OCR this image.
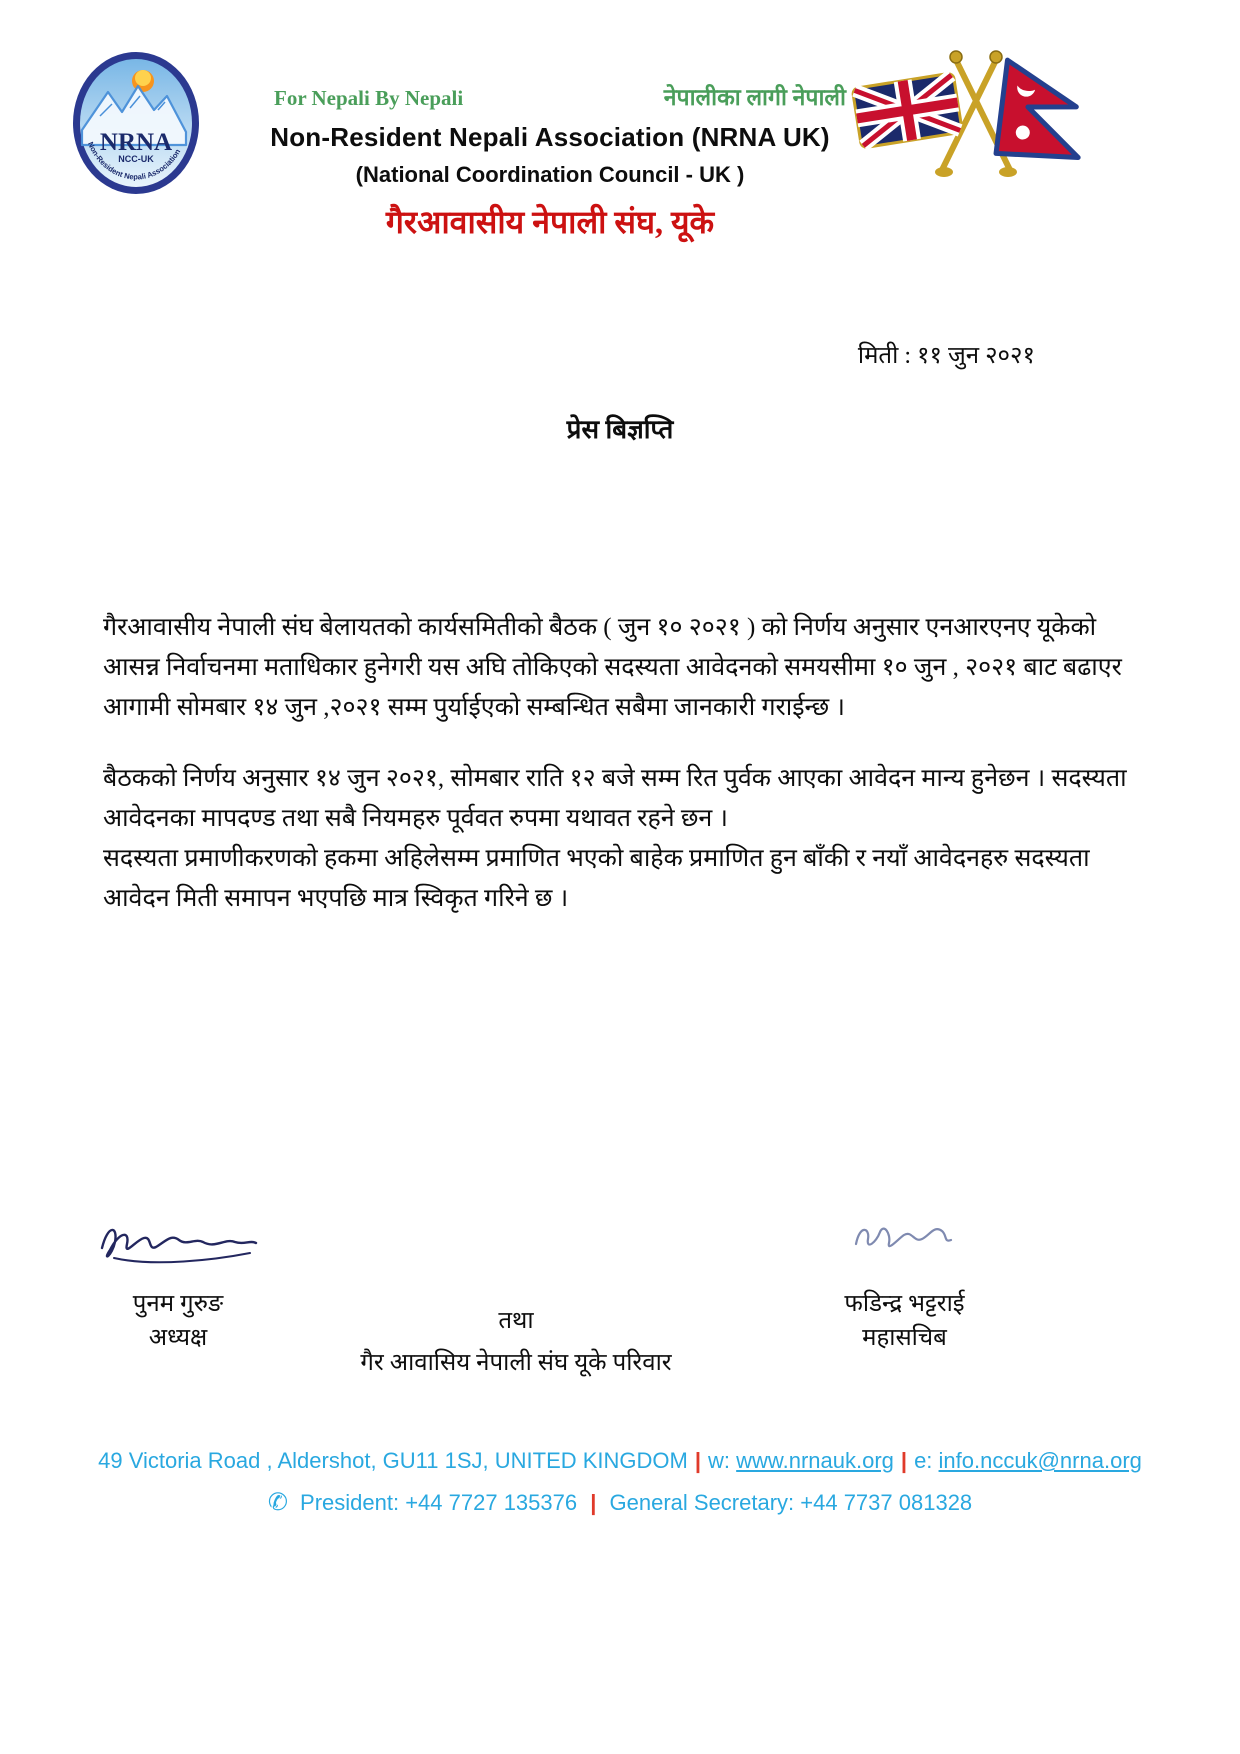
NRNA
NCC-UK
Non-Resident Nepali Association
For Nepali By Nepali	नेपालीका लागी नेपाली
Non-Resident Nepali Association (NRNA UK)
(National Coordination Council - UK )
गैरआवासीय नेपाली संघ, यूके
मिती : ११ जुन २०२१
प्रेस बिज्ञप्ति

गैरआवासीय नेपाली संघ बेलायतको कार्यसमितीको बैठक ( जुन १० २०२१ ) को निर्णय अनुसार एनआरएनए यूकेको आसन्न निर्वाचनमा मताधिकार हुनेगरी यस अघि तोकिएको सदस्यता आवेदनको समयसीमा १० जुन , २०२१ बाट बढाएर आगामी सोमबार १४ जुन ,२०२१ सम्म पुर्याईएको सम्बन्धित सबैमा जानकारी गराईन्छ ।

बैठकको निर्णय अनुसार १४ जुन २०२१, सोमबार राति १२ बजे सम्म रित पुर्वक आएका आवेदन मान्य हुनेछन । सदस्यता आवेदनका मापदण्ड तथा सबै नियमहरु पूर्ववत रुपमा यथावत रहने छन ।

सदस्यता प्रमाणीकरणको हकमा अहिलेसम्म प्रमाणित भएको बाहेक प्रमाणित हुन बाँकी र नयाँ आवेदनहरु सदस्यता आवेदन मिती समापन भएपछि मात्र स्विकृत गरिने छ ।

पुनम गुरुङ
अध्यक्ष
तथा
गैर आवासिय नेपाली संघ यूके परिवार
फडिन्द्र भट्टराई
महासचिब
49 Victoria Road , Aldershot, GU11 1SJ, UNITED KINGDOM | w: www.nrnauk.org | e: info.nccuk@nrna.org
✆ President: +44 7727 135376 | General Secretary: +44 7737 081328
